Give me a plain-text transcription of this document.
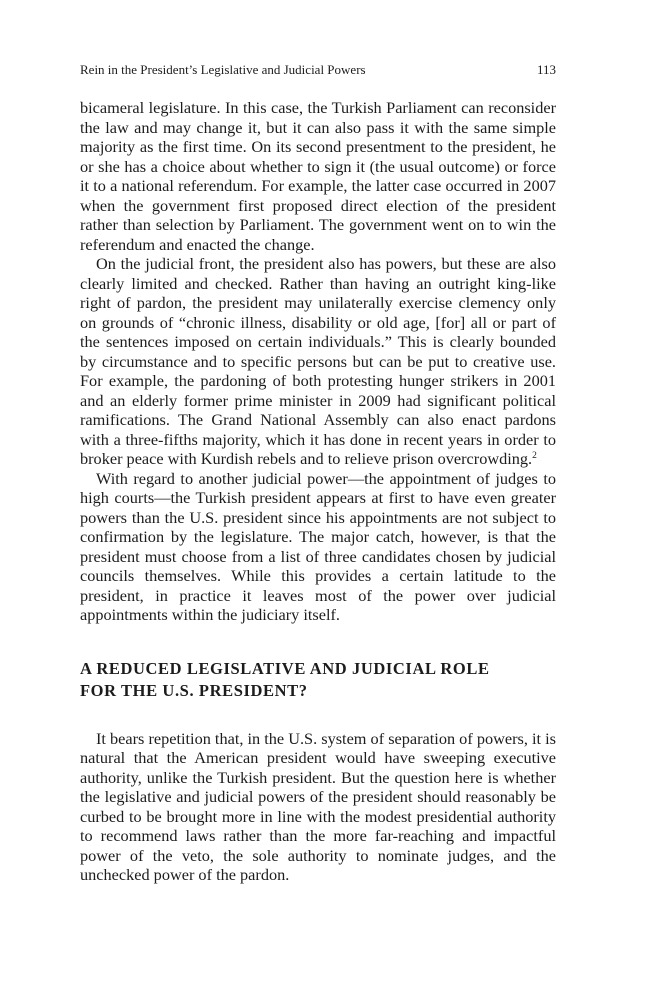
Rein in the President’s Legislative and Judicial Powers	113

bicameral legislature. In this case, the Turkish Parliament can reconsider the law and may change it, but it can also pass it with the same simple majority as the first time. On its second presentment to the president, he or she has a choice about whether to sign it (the usual outcome) or force it to a national referendum. For example, the latter case occurred in 2007 when the government first proposed direct election of the president rather than selection by Parliament. The government went on to win the referendum and enacted the change.

On the judicial front, the president also has powers, but these are also clearly limited and checked. Rather than having an outright king-like right of pardon, the president may unilaterally exercise clemency only on grounds of “chronic illness, disability or old age, [for] all or part of the sentences imposed on certain individuals.” This is clearly bounded by circumstance and to specific persons but can be put to creative use. For example, the pardoning of both protesting hunger strikers in 2001 and an elderly former prime minister in 2009 had significant political ramifications. The Grand National Assembly can also enact pardons with a three-fifths majority, which it has done in recent years in order to broker peace with Kurdish rebels and to relieve prison overcrowding.$^2$

With regard to another judicial power—the appointment of judges to high courts—the Turkish president appears at first to have even greater powers than the U.S. president since his appointments are not subject to confirmation by the legislature. The major catch, however, is that the president must choose from a list of three candidates chosen by judicial councils themselves. While this provides a certain latitude to the president, in practice it leaves most of the power over judicial appointments within the judiciary itself.

A REDUCED LEGISLATIVE AND JUDICIAL ROLE
FOR THE U.S. PRESIDENT?

It bears repetition that, in the U.S. system of separation of powers, it is natural that the American president would have sweeping executive authority, unlike the Turkish president. But the question here is whether the legislative and judicial powers of the president should reasonably be curbed to be brought more in line with the modest presidential authority to recommend laws rather than the more far-reaching and impactful power of the veto, the sole authority to nominate judges, and the unchecked power of the pardon.
